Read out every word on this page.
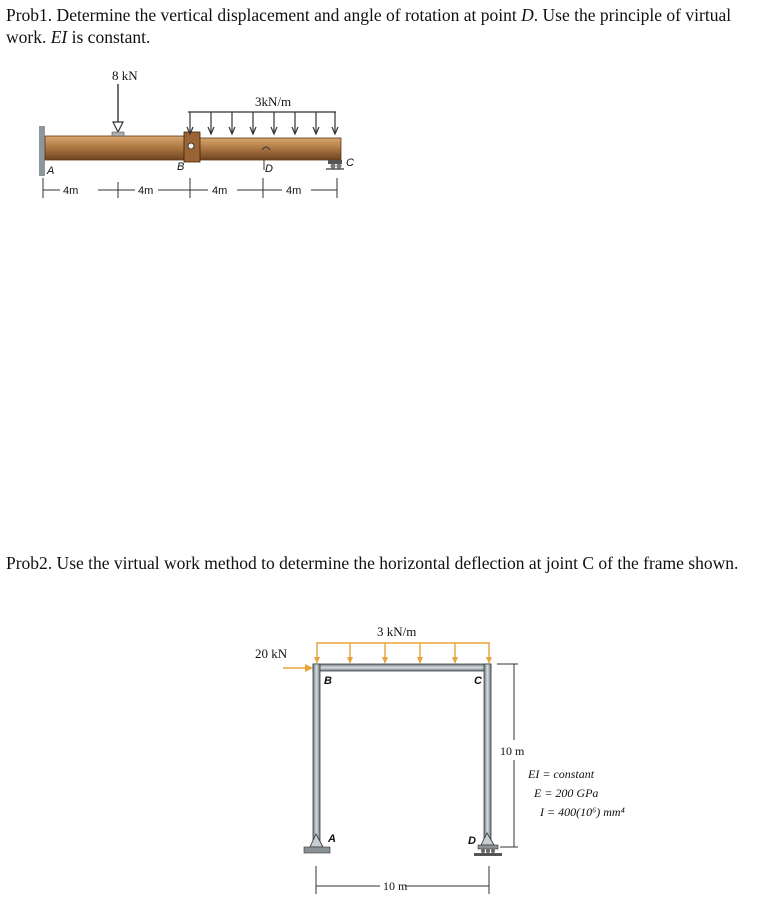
Prob1. Determine the vertical displacement and angle of rotation at point D. Use the principle of virtual work. EI is constant.
8 kN
3kN/m
A	B	D	C
4m	4m	4m	4m
3 kN/m
20 kN
B	C
A	D
10 m
10 m
EI = constant
E = 200 GPa
I = 400(10⁶) mm⁴
Prob2. Use the virtual work method to determine the horizontal deflection at joint C of the frame shown.
